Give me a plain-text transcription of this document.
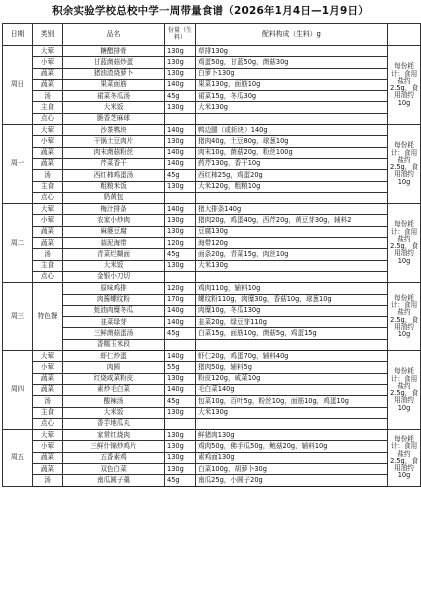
积余实验学校总校中学一周带量食谱（2026年1月4日—1月9日）
日期	类别	品名	份量（生料）	配料构成（生料）g	
周日	大荤	糖醋排骨	130g	草排130g	每份耗计：食用盐约2.5g，食用油约10g
	小荤	甘蓝菌菇炒蛋	130g	鸡蛋50g，甘蓝50g，菌菇30g	
	蔬菜	猪油渣烧萝卜	130g	白萝卜130g	
	蔬菜	果菜面筋	140g	果菜130g，面筋10g	
	汤	裙菜冬瓜汤	45g	裙菜15g，冬瓜30g	
	主食	大米饭	130g	大米130g	
	点心	脆香芝麻球			
周一	大荤	沙茶鸭块	140g	鸭边腿（或斩块）140g	每份耗计：食用盐约2.5g，食用油约10g
	小荤	干锅土豆肉片	130g	猪肉40g，土豆80g，球葱10g	
	蔬菜	肉末菌菇粉丝	140g	肉末10g，菌菇20g，粉丝100g	
	蔬菜	芹菜香干	140g	药芹130g，香干10g	
	汤	西红柿鸡蛋汤	45g	西红柿25g，鸡蛋20g	
	主食	粗粮米饭	130g	大米120g，粗粮10g	
	点心	奶黄包			
周二	大荤	梅汁排条	140g	猪大排条140g	每份耗计：食用盐约2.5g，食用油约10g
	小荤	农家小炒肉	130g	猪肉20g，鸡蛋40g，西芹20g，黄豆芽30g，辅料2	
	蔬菜	麻婆豆腐	130g	豆腐130g	
	蔬菜	蒜泥海带	120g	海带120g	
	汤	青菜烂糊面	45g	面条20g，青菜15g，肉丝10g	
	主食	大米饭	130g	大米130g	
	点心	金银小刀切			
周三	特色餐	原味鸡排	120g	鸡肉110g，辅料10g	每份耗计：食用盐约2.5g，食用油约10g
		肉酱螺纹粉	170g	螺纹粉110g，肉糜30g，香菇10g，球葱10g	
		蚝油肉糜冬瓜	140g	肉糜10g，冬瓜130g	
		韭菜绿芽	140g	韭菜20g，绿豆芽110g	
		三鲜菌菇蛋汤	45g	白菜15g，面筋10g，菌菇5g，鸡蛋15g	
		香糯玉米段			
周四	大荤	虾仁炒蛋	140g	虾仁20g，鸡蛋70g，辅料40g	每份耗计：食用盐约2.5g，食用油约10g
	小荤	肉圆	55g	猪肉50g，辅料5g	
	蔬菜	红烧咸菜粉皮	130g	粉皮120g，咸菜10g	
	蔬菜	素炒毛白菜	140g	毛白菜140g	
	汤	酸辣汤	45g	包菜10g，百叶5g，粉丝10g，面筋10g，鸡蛋10g	
	主食	大米饭	130g	大米130g	
	点心	香芋地瓜丸			
周五	大荤	家常红烧肉	130g	鲜猪肉130g	每份耗计：食用盐约2.5g，食用油约10g
	小荤	三鲜什锦炒鸡片	130g	鸡肉50g，佛手瓜50g，鲍菇20g，辅料10g	
	蔬菜	五香素鸡	130g	素鸡面130g	
	蔬菜	双色白菜	130g	白菜100g，胡萝卜30g	
	汤	南瓜圆子羹	45g	南瓜25g，小圆子20g	
